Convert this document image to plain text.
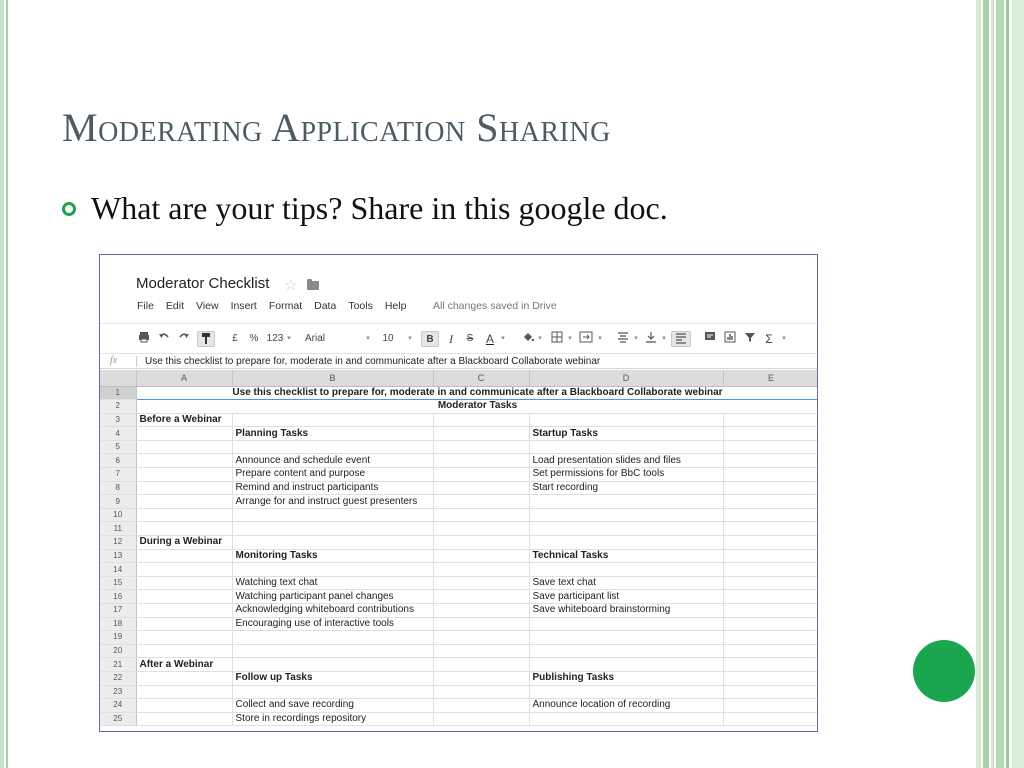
Moderating Application Sharing
What are your tips? Share in this google doc.
Moderator Checklist ☆
File Edit View Insert Format Data Tools Help	All changes saved in Drive
£ % 123 ▾ Arial	▾ 10	▾	B	I	S A	▾	▾	▾	▾	▾	▾	Σ	▾
fx	Use this checklist to prepare for, moderate in and communicate after a Blackboard Collaborate webinar
	A	B	C	D	E
1	Use this checklist to prepare for, moderate in and communicate after a Blackboard Collaborate webinar				
2	Moderator Tasks				
3	Before a Webinar				
4		Planning Tasks		Startup Tasks	
5					
6		Announce and schedule event		Load presentation slides and files	
7		Prepare content and purpose		Set permissions for BbC tools	
8		Remind and instruct participants		Start recording	
9		Arrange for and instruct guest presenters			
10					
11					
12	During a Webinar				
13		Monitoring Tasks		Technical Tasks	
14					
15		Watching text chat		Save text chat	
16		Watching participant panel changes		Save participant list	
17		Acknowledging whiteboard contributions		Save whiteboard brainstorming	
18		Encouraging use of interactive tools			
19					
20					
21	After a Webinar				
22		Follow up Tasks		Publishing Tasks	
23					
24		Collect and save recording		Announce location of recording	
25		Store in recordings repository			
